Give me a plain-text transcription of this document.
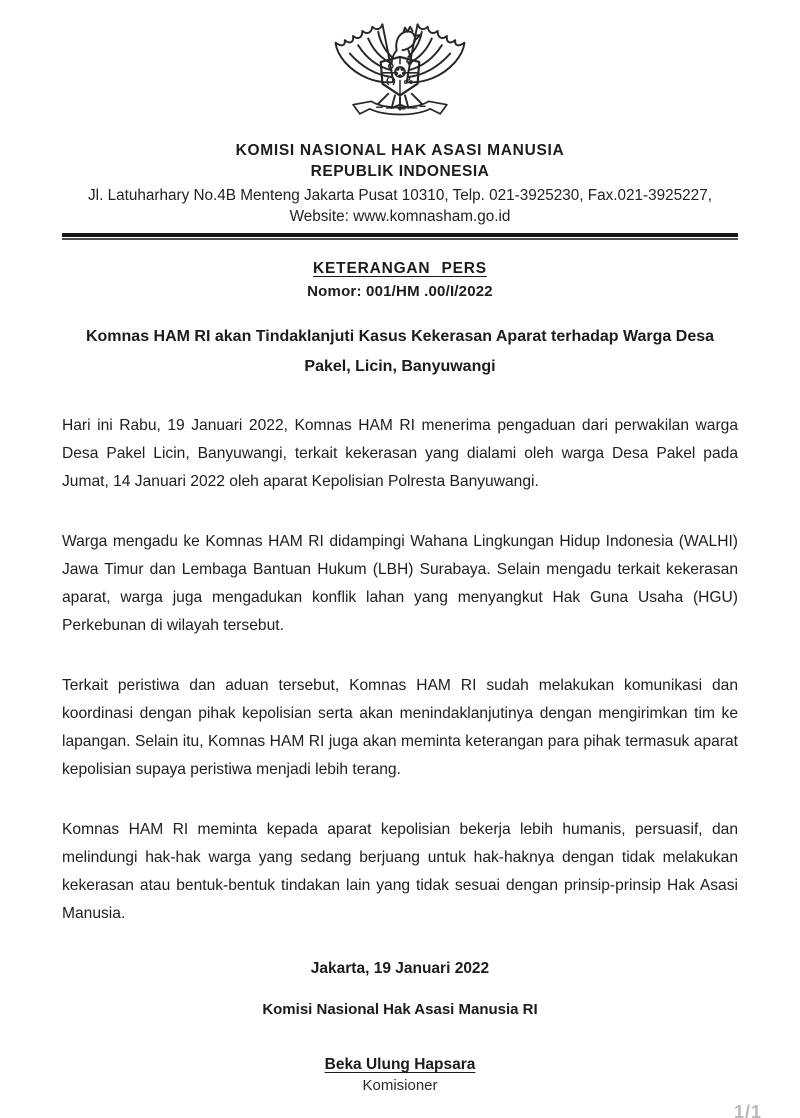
KOMISI NASIONAL HAK ASASI MANUSIA
REPUBLIK INDONESIA
Jl. Latuharhary No.4B Menteng Jakarta Pusat 10310, Telp. 021-3925230, Fax.021-3925227,
Website: www.komnasham.go.id
KETERANGAN PERS
Nomor: 001/HM .00/I/2022
Komnas HAM RI akan Tindaklanjuti Kasus Kekerasan Aparat terhadap Warga Desa Pakel, Licin, Banyuwangi

Hari ini Rabu, 19 Januari 2022, Komnas HAM RI menerima pengaduan dari perwakilan warga Desa Pakel Licin, Banyuwangi, terkait kekerasan yang dialami oleh warga Desa Pakel pada Jumat, 14 Januari 2022 oleh aparat Kepolisian Polresta Banyuwangi.

Warga mengadu ke Komnas HAM RI didampingi Wahana Lingkungan Hidup Indonesia (WALHI) Jawa Timur dan Lembaga Bantuan Hukum (LBH) Surabaya. Selain mengadu terkait kekerasan aparat, warga juga mengadukan konflik lahan yang menyangkut Hak Guna Usaha (HGU) Perkebunan di wilayah tersebut.

Terkait peristiwa dan aduan tersebut, Komnas HAM RI sudah melakukan komunikasi dan koordinasi dengan pihak kepolisian serta akan menindaklanjutinya dengan mengirimkan tim ke lapangan. Selain itu, Komnas HAM RI juga akan meminta keterangan para pihak termasuk aparat kepolisian supaya peristiwa menjadi lebih terang.

Komnas HAM RI meminta kepada aparat kepolisian bekerja lebih humanis, persuasif, dan melindungi hak-hak warga yang sedang berjuang untuk hak-haknya dengan tidak melakukan kekerasan atau bentuk-bentuk tindakan lain yang tidak sesuai dengan prinsip-prinsip Hak Asasi Manusia.

Jakarta, 19 Januari 2022
Komisi Nasional Hak Asasi Manusia RI
Beka Ulung Hapsara
Komisioner
1/1
